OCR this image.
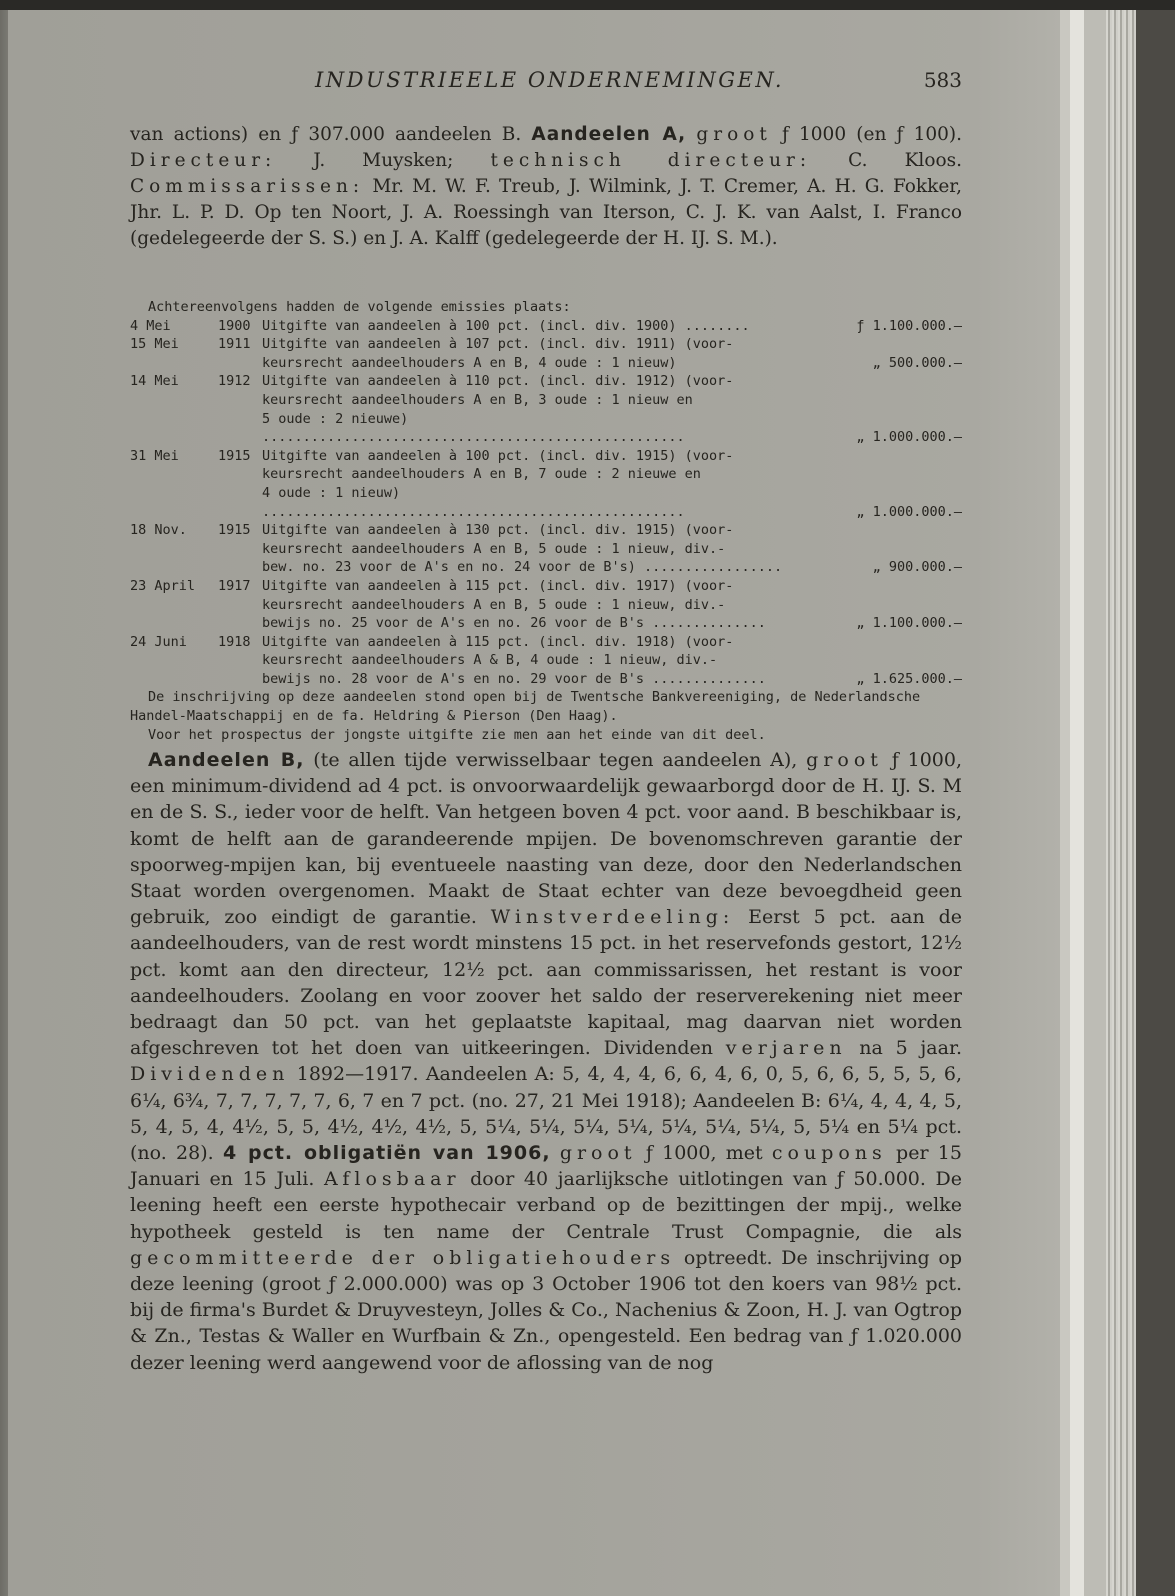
INDUSTRIEELE ONDERNEMINGEN.	583

van actions) en ƒ 307.000 aandeelen B. Aandeelen A, groot ƒ 1000 (en ƒ 100). Directeur: J. Muysken; technisch directeur: C. Kloos. Commissarissen: Mr. M. W. F. Treub, J. Wilmink, J. T. Cremer, A. H. G. Fokker, Jhr. L. P. D. Op ten Noort, J. A. Roessingh van Iterson, C. J. K. van Aalst, I. Franco (gedelegeerde der S. S.) en J. A. Kalff (gedelegeerde der H. IJ. S. M.).

Achtereenvolgens hadden de volgende emissies plaats:
4 Mei	1900 Uitgifte van aandeelen à 100 pct. (incl. div. 1900) ........	ƒ 1.100.000.—
15 Mei	1911 Uitgifte van aandeelen à 107 pct. (incl. div. 1911) (voor-
keursrecht aandeelhouders A en B, 4 oude : 1 nieuw)	„ 500.000.—
14 Mei	1912 Uitgifte van aandeelen à 110 pct. (incl. div. 1912) (voor-
keursrecht aandeelhouders A en B, 3 oude : 1 nieuw en
5 oude : 2 nieuwe) ....................................................	„ 1.000.000.—
31 Mei	1915 Uitgifte van aandeelen à 100 pct. (incl. div. 1915) (voor-
keursrecht aandeelhouders A en B, 7 oude : 2 nieuwe en
4 oude : 1 nieuw) ....................................................	„ 1.000.000.—
18 Nov.	1915 Uitgifte van aandeelen à 130 pct. (incl. div. 1915) (voor-
keursrecht aandeelhouders A en B, 5 oude : 1 nieuw, div.-
bew. no. 23 voor de A's en no. 24 voor de B's) .................	„ 900.000.—
23 April	1917 Uitgifte van aandeelen à 115 pct. (incl. div. 1917) (voor-
keursrecht aandeelhouders A en B, 5 oude : 1 nieuw, div.-
bewijs no. 25 voor de A's en no. 26 voor de B's ..............	„ 1.100.000.—
24 Juni	1918 Uitgifte van aandeelen à 115 pct. (incl. div. 1918) (voor-
keursrecht aandeelhouders A & B, 4 oude : 1 nieuw, div.-
bewijs no. 28 voor de A's en no. 29 voor de B's ..............	„ 1.625.000.—

De inschrijving op deze aandeelen stond open bij de Twentsche Bankvereeniging, de Nederlandsche Handel-Maatschappij en de fa. Heldring & Pierson (Den Haag).

Voor het prospectus der jongste uitgifte zie men aan het einde van dit deel.

Aandeelen B, (te allen tijde verwisselbaar tegen aandeelen A), groot ƒ 1000, een minimum-dividend ad 4 pct. is onvoorwaardelijk gewaarborgd door de H. IJ. S. M en de S. S., ieder voor de helft. Van hetgeen boven 4 pct. voor aand. B beschikbaar is, komt de helft aan de garandeerende mpijen. De bovenomschreven garantie der spoorweg-mpijen kan, bij eventueele naasting van deze, door den Nederlandschen Staat worden overgenomen. Maakt de Staat echter van deze bevoegdheid geen gebruik, zoo eindigt de garantie. Winstverdeeling: Eerst 5 pct. aan de aandeelhouders, van de rest wordt minstens 15 pct. in het reservefonds gestort, 12½ pct. komt aan den directeur, 12½ pct. aan commissarissen, het restant is voor aandeelhouders. Zoolang en voor zoover het saldo der reserverekening niet meer bedraagt dan 50 pct. van het geplaatste kapitaal, mag daarvan niet worden afgeschreven tot het doen van uitkeeringen. Dividenden verjaren na 5 jaar. Dividenden 1892—1917. Aandeelen A: 5, 4, 4, 4, 6, 6, 4, 6, 0, 5, 6, 6, 5, 5, 5, 6, 6¼, 6¾, 7, 7, 7, 7, 7, 6, 7 en 7 pct. (no. 27, 21 Mei 1918); Aandeelen B: 6¼, 4, 4, 4, 5, 5, 4, 5, 4, 4½, 5, 5, 4½, 4½, 4½, 5, 5¼, 5¼, 5¼, 5¼, 5¼, 5¼, 5¼, 5, 5¼ en 5¼ pct. (no. 28). 4 pct. obligatiën van 1906, groot ƒ 1000, met coupons per 15 Januari en 15 Juli. Aflosbaar door 40 jaarlijksche uitlotingen van ƒ 50.000. De leening heeft een eerste hypothecair verband op de bezittingen der mpij., welke hypotheek gesteld is ten name der Centrale Trust Compagnie, die als gecommitteerde der obligatiehouders optreedt. De inschrijving op deze leening (groot ƒ 2.000.000) was op 3 October 1906 tot den koers van 98½ pct. bij de firma's Burdet & Druyvesteyn, Jolles & Co., Nachenius & Zoon, H. J. van Ogtrop & Zn., Testas & Waller en Wurfbain & Zn., opengesteld. Een bedrag van ƒ 1.020.000 dezer leening werd aangewend voor de aflossing van de nog
